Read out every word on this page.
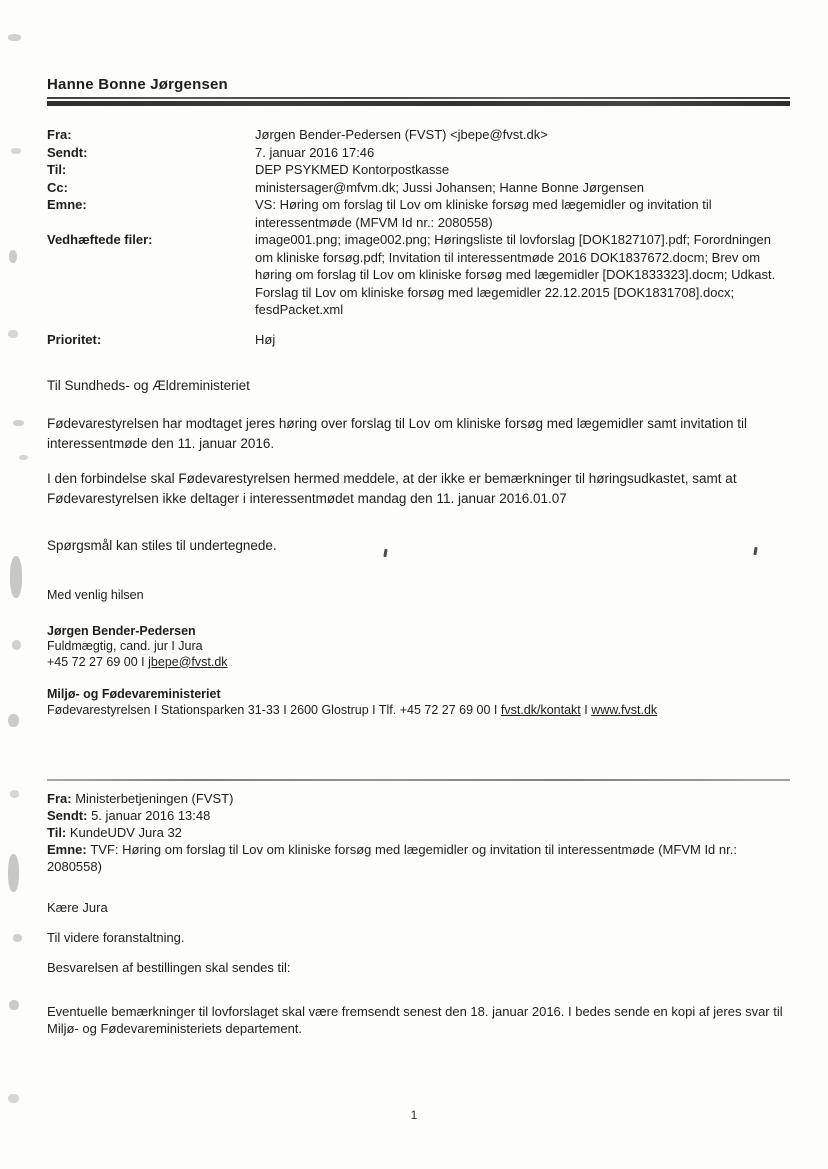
Hanne Bonne Jørgensen
Fra:	Jørgen Bender-Pedersen (FVST) <jbepe@fvst.dk>
Sendt:	7. januar 2016 17:46
Til:	DEP PSYKMED Kontorpostkasse
Cc:	ministersager@mfvm.dk; Jussi Johansen; Hanne Bonne Jørgensen
Emne:	VS: Høring om forslag til Lov om kliniske forsøg med lægemidler og invitation til interessentmøde (MFVM Id nr.: 2080558)
Vedhæftede filer:	image001.png; image002.png; Høringsliste til lovforslag [DOK1827107].pdf; Forordningen om kliniske forsøg.pdf; Invitation til interessentmøde 2016 DOK1837672.docm; Brev om høring om forslag til Lov om kliniske forsøg med lægemidler [DOK1833323].docm; Udkast. Forslag til Lov om kliniske forsøg med lægemidler 22.12.2015 [DOK1831708].docx; fesdPacket.xml
Prioritet:	Høj
Til Sundheds- og Ældreministeriet
Fødevarestyrelsen har modtaget jeres høring over forslag til Lov om kliniske forsøg med lægemidler samt invitation til interessentmøde den 11. januar 2016.
I den forbindelse skal Fødevarestyrelsen hermed meddele, at der ikke er bemærkninger til høringsudkastet, samt at Fødevarestyrelsen ikke deltager i interessentmødet mandag den 11. januar 2016.01.07
Spørgsmål kan stiles til undertegnede.
Med venlig hilsen
Jørgen Bender-Pedersen
Fuldmægtig, cand. jur I Jura
+45 72 27 69 00 I jbepe@fvst.dk
Miljø- og Fødevareministeriet
Fødevarestyrelsen I Stationsparken 31-33 I 2600 Glostrup I Tlf. +45 72 27 69 00 I fvst.dk/kontakt I www.fvst.dk
Fra: Ministerbetjeningen (FVST)
Sendt: 5. januar 2016 13:48
Til: KundeUDV Jura 32
Emne: TVF: Høring om forslag til Lov om kliniske forsøg med lægemidler og invitation til interessentmøde (MFVM Id nr.: 2080558)
Kære Jura
Til videre foranstaltning.
Besvarelsen af bestillingen skal sendes til:
Eventuelle bemærkninger til lovforslaget skal være fremsendt senest den 18. januar 2016. I bedes sende en kopi af jeres svar til Miljø- og Fødevareministeriets departement.
1
